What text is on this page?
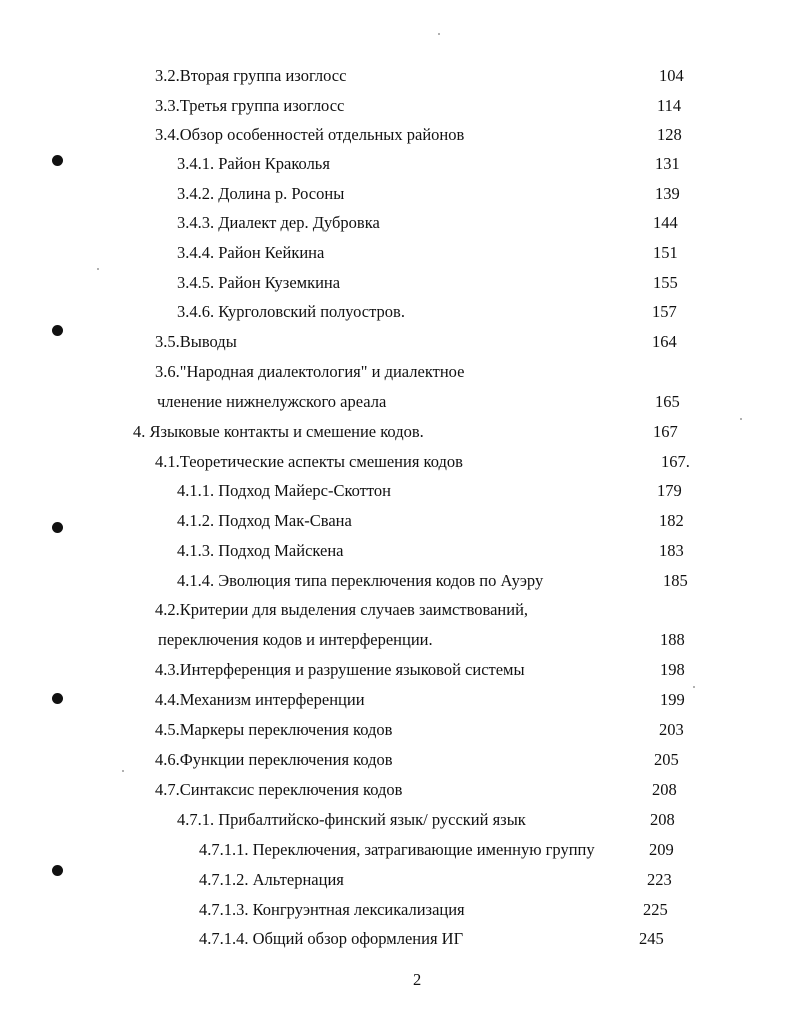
3.2.Вторая группа изоглосс	104
3.3.Третья группа изоглосс	114
3.4.Обзор особенностей отдельных районов	128
3.4.1. Район Краколья	131
3.4.2. Долина р. Росоны	139
3.4.3. Диалект дер. Дубровка	144
3.4.4. Район Кейкина	151
3.4.5. Район Куземкина	155
3.4.6. Курголовский полуостров.	157
3.5.Выводы	164
3.6."Народная диалектология" и диалектное
членение нижнелужского ареала	165
4. Языковые контакты и смешение кодов.	167
4.1.Теоретические аспекты смешения кодов	167.
4.1.1. Подход Майерс-Скоттон	179
4.1.2. Подход Мак-Свана	182
4.1.3. Подход Майскена	183
4.1.4. Эволюция типа переключения кодов по Ауэру	185
4.2.Критерии для выделения случаев заимствований,
переключения кодов и интерференции.	188
4.3.Интерференция и разрушение языковой системы	198
4.4.Механизм интерференции	199
4.5.Маркеры переключения кодов	203
4.6.Функции переключения кодов	205
4.7.Синтаксис переключения кодов	208
4.7.1. Прибалтийско-финский язык/ русский язык	208
4.7.1.1. Переключения, затрагивающие именную группу	209
4.7.1.2. Альтернация	223
4.7.1.3. Конгруэнтная лексикализация	225
4.7.1.4. Общий обзор оформления ИГ	245
2
